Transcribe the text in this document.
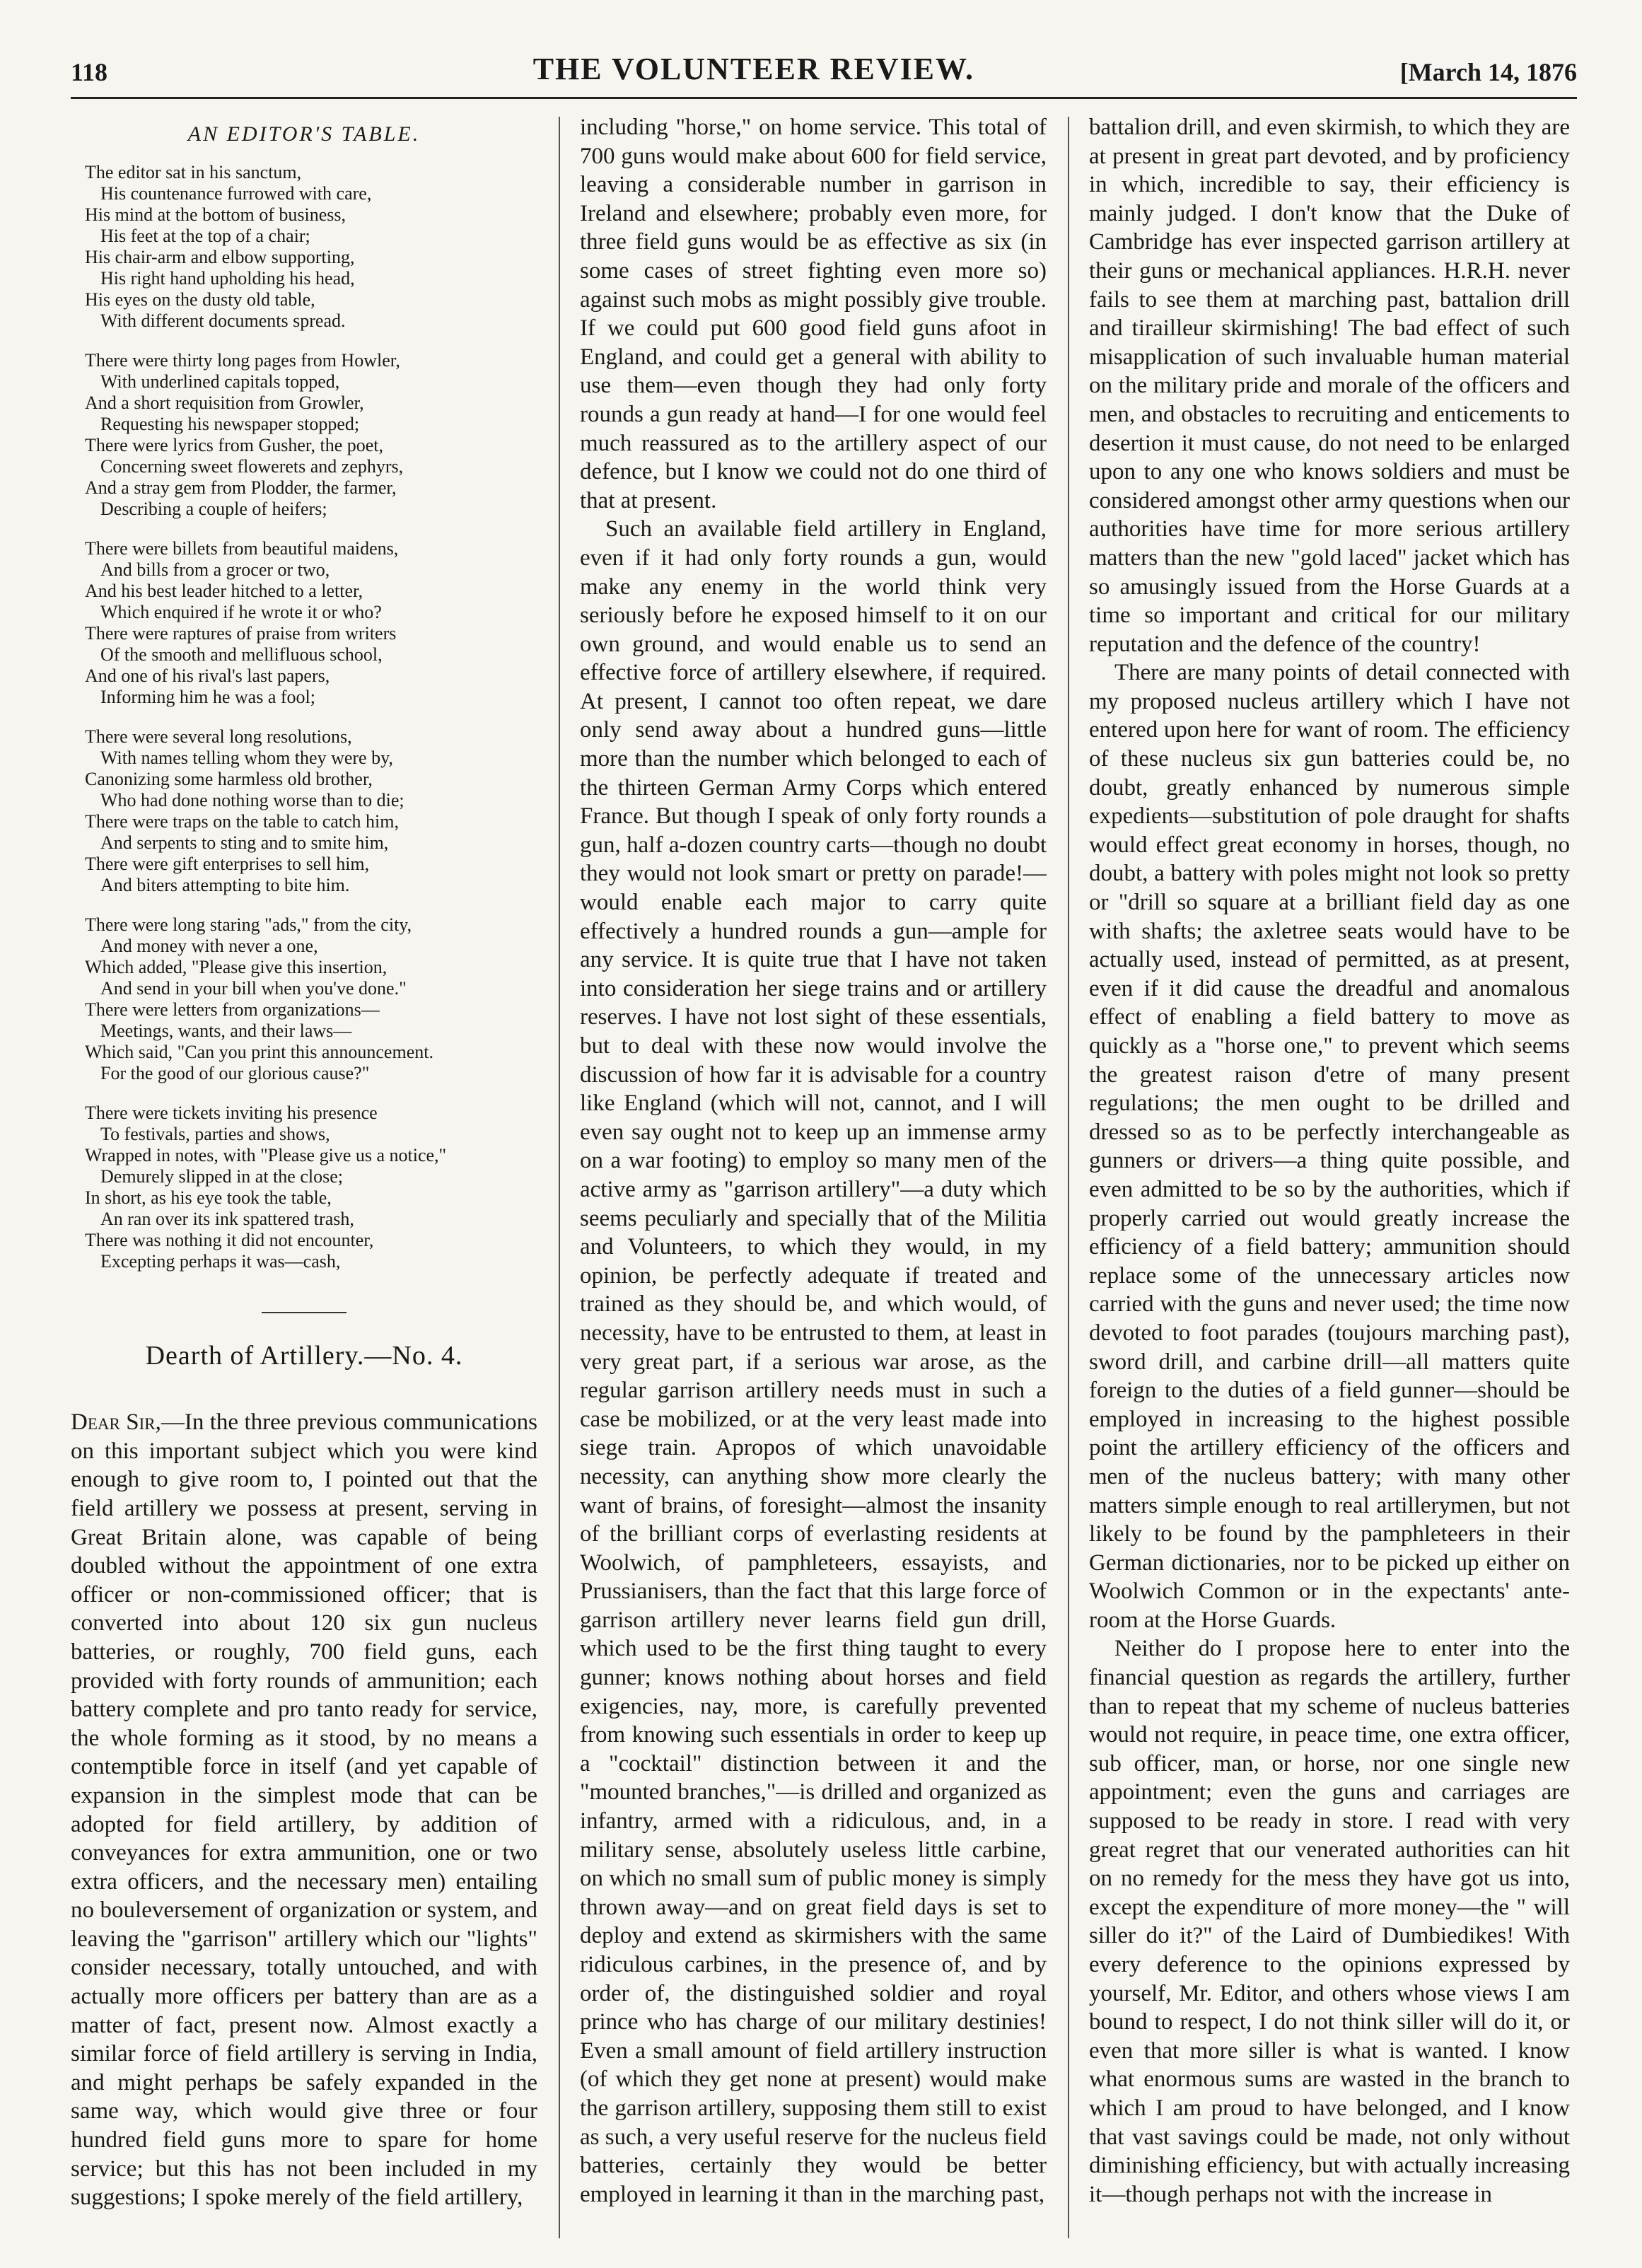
118	THE VOLUNTEER REVIEW.	[March 14, 1876
AN EDITOR'S TABLE.
The editor sat in his sanctum,
His countenance furrowed with care,
His mind at the bottom of business,
His feet at the top of a chair;
His chair-arm and elbow supporting,
His right hand upholding his head,
His eyes on the dusty old table,
With different documents spread.
There were thirty long pages from Howler,
With underlined capitals topped,
And a short requisition from Growler,
Requesting his newspaper stopped;
There were lyrics from Gusher, the poet,
Concerning sweet flowerets and zephyrs,
And a stray gem from Plodder, the farmer,
Describing a couple of heifers;
There were billets from beautiful maidens,
And bills from a grocer or two,
And his best leader hitched to a letter,
Which enquired if he wrote it or who?
There were raptures of praise from writers
Of the smooth and mellifluous school,
And one of his rival's last papers,
Informing him he was a fool;
There were several long resolutions,
With names telling whom they were by,
Canonizing some harmless old brother,
Who had done nothing worse than to die;
There were traps on the table to catch him,
And serpents to sting and to smite him,
There were gift enterprises to sell him,
And biters attempting to bite him.
There were long staring "ads," from the city,
And money with never a one,
Which added, "Please give this insertion,
And send in your bill when you've done."
There were letters from organizations—
Meetings, wants, and their laws—
Which said, "Can you print this announcement.
For the good of our glorious cause?"
There were tickets inviting his presence
To festivals, parties and shows,
Wrapped in notes, with "Please give us a notice,"
Demurely slipped in at the close;
In short, as his eye took the table,
An ran over its ink spattered trash,
There was nothing it did not encounter,
Excepting perhaps it was—cash,
Dearth of Artillery.—No. 4.

Dear Sir,—In the three previous communications on this important subject which you were kind enough to give room to, I pointed out that the field artillery we possess at present, serving in Great Britain alone, was capable of being doubled without the appointment of one extra officer or non-commissioned officer; that is converted into about 120 six gun nucleus batteries, or roughly, 700 field guns, each provided with forty rounds of ammunition; each battery complete and pro tanto ready for service, the whole forming as it stood, by no means a contemptible force in itself (and yet capable of expansion in the simplest mode that can be adopted for field artillery, by addition of conveyances for extra ammunition, one or two extra officers, and the necessary men) entailing no bouleversement of organization or system, and leaving the "garrison" artillery which our "lights" consider necessary, totally untouched, and with actually more officers per battery than are as a matter of fact, present now. Almost exactly a similar force of field artillery is serving in India, and might perhaps be safely expanded in the same way, which would give three or four hundred field guns more to spare for home service; but this has not been included in my suggestions; I spoke merely of the field artillery,

including "horse," on home service. This total of 700 guns would make about 600 for field service, leaving a considerable number in garrison in Ireland and elsewhere; probably even more, for three field guns would be as effective as six (in some cases of street fighting even more so) against such mobs as might possibly give trouble. If we could put 600 good field guns afoot in England, and could get a general with ability to use them—even though they had only forty rounds a gun ready at hand—I for one would feel much reassured as to the artillery aspect of our defence, but I know we could not do one third of that at present.

Such an available field artillery in England, even if it had only forty rounds a gun, would make any enemy in the world think very seriously before he exposed himself to it on our own ground, and would enable us to send an effective force of artillery elsewhere, if required. At present, I cannot too often repeat, we dare only send away about a hundred guns—little more than the number which belonged to each of the thirteen German Army Corps which entered France. But though I speak of only forty rounds a gun, half a-dozen country carts—though no doubt they would not look smart or pretty on parade!—would enable each major to carry quite effectively a hundred rounds a gun—ample for any service. It is quite true that I have not taken into consideration her siege trains and or artillery reserves. I have not lost sight of these essentials, but to deal with these now would involve the discussion of how far it is advisable for a country like England (which will not, cannot, and I will even say ought not to keep up an immense army on a war footing) to employ so many men of the active army as "garrison artillery"—a duty which seems peculiarly and specially that of the Militia and Volunteers, to which they would, in my opinion, be perfectly adequate if treated and trained as they should be, and which would, of necessity, have to be entrusted to them, at least in very great part, if a serious war arose, as the regular garrison artillery needs must in such a case be mobilized, or at the very least made into siege train. Apropos of which unavoidable necessity, can anything show more clearly the want of brains, of foresight—almost the insanity of the brilliant corps of everlasting residents at Woolwich, of pamphleteers, essayists, and Prussianisers, than the fact that this large force of garrison artillery never learns field gun drill, which used to be the first thing taught to every gunner; knows nothing about horses and field exigencies, nay, more, is carefully prevented from knowing such essentials in order to keep up a "cocktail" distinction between it and the "mounted branches,"—is drilled and organized as infantry, armed with a ridiculous, and, in a military sense, absolutely useless little carbine, on which no small sum of public money is simply thrown away—and on great field days is set to deploy and extend as skirmishers with the same ridiculous carbines, in the presence of, and by order of, the distinguished soldier and royal prince who has charge of our military destinies! Even a small amount of field artillery instruction (of which they get none at present) would make the garrison artillery, supposing them still to exist as such, a very useful reserve for the nucleus field batteries, certainly they would be better employed in learning it than in the marching past,

battalion drill, and even skirmish, to which they are at present in great part devoted, and by proficiency in which, incredible to say, their efficiency is mainly judged. I don't know that the Duke of Cambridge has ever inspected garrison artillery at their guns or mechanical appliances. H.R.H. never fails to see them at marching past, battalion drill and tirailleur skirmishing! The bad effect of such misapplication of such invaluable human material on the military pride and morale of the officers and men, and obstacles to recruiting and enticements to desertion it must cause, do not need to be enlarged upon to any one who knows soldiers and must be considered amongst other army questions when our authorities have time for more serious artillery matters than the new "gold laced" jacket which has so amusingly issued from the Horse Guards at a time so important and critical for our military reputation and the defence of the country!

There are many points of detail connected with my proposed nucleus artillery which I have not entered upon here for want of room. The efficiency of these nucleus six gun batteries could be, no doubt, greatly enhanced by numerous simple expedients—substitution of pole draught for shafts would effect great economy in horses, though, no doubt, a battery with poles might not look so pretty or "drill so square at a brilliant field day as one with shafts; the axletree seats would have to be actually used, instead of permitted, as at present, even if it did cause the dreadful and anomalous effect of enabling a field battery to move as quickly as a "horse one," to prevent which seems the greatest raison d'etre of many present regulations; the men ought to be drilled and dressed so as to be perfectly interchangeable as gunners or drivers—a thing quite possible, and even admitted to be so by the authorities, which if properly carried out would greatly increase the efficiency of a field battery; ammunition should replace some of the unnecessary articles now carried with the guns and never used; the time now devoted to foot parades (toujours marching past), sword drill, and carbine drill—all matters quite foreign to the duties of a field gunner—should be employed in increasing to the highest possible point the artillery efficiency of the officers and men of the nucleus battery; with many other matters simple enough to real artillerymen, but not likely to be found by the pamphleteers in their German dictionaries, nor to be picked up either on Woolwich Common or in the expectants' ante-room at the Horse Guards.

Neither do I propose here to enter into the financial question as regards the artillery, further than to repeat that my scheme of nucleus batteries would not require, in peace time, one extra officer, sub officer, man, or horse, nor one single new appointment; even the guns and carriages are supposed to be ready in store. I read with very great regret that our venerated authorities can hit on no remedy for the mess they have got us into, except the expenditure of more money—the " will siller do it?" of the Laird of Dumbiedikes! With every deference to the opinions expressed by yourself, Mr. Editor, and others whose views I am bound to respect, I do not think siller will do it, or even that more siller is what is wanted. I know what enormous sums are wasted in the branch to which I am proud to have belonged, and I know that vast savings could be made, not only without diminishing efficiency, but with actually increasing it—though perhaps not with the increase in
